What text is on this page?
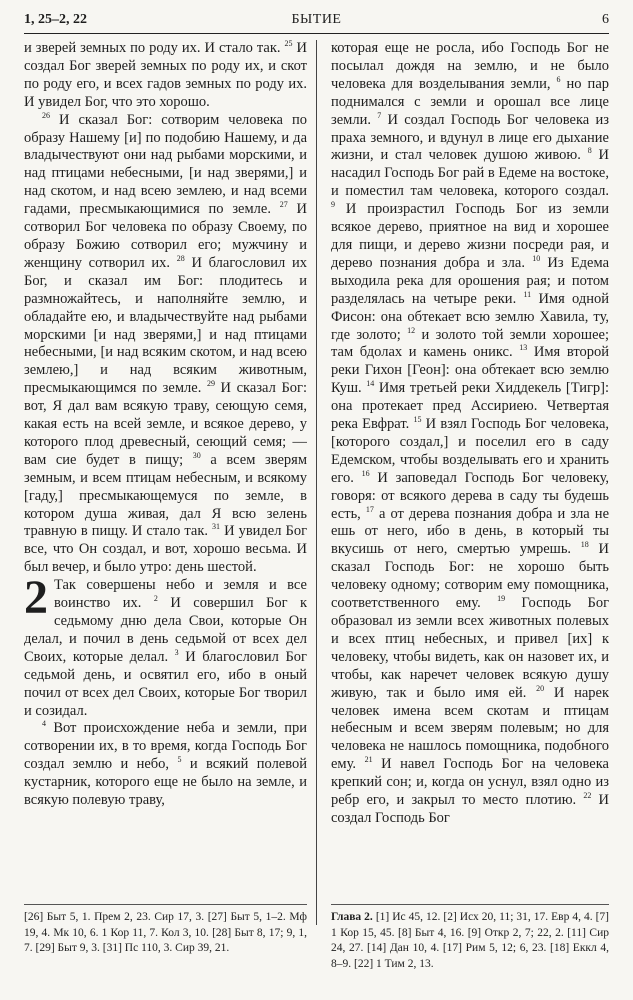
1, 25–2, 22	БЫТИЕ	6

и зверей земных по роду их. И стало так. $^{25}$ И создал Бог зверей земных по роду их, и скот по роду его, и всех гадов земных по роду их. И увидел Бог, что это хорошо.

$^{26}$ И сказал Бог: сотворим человека по образу Нашему [и] по подобию Нашему, и да владычествуют они над рыбами морскими, и над птицами небесными, [и над зверями,] и над скотом, и над всею землею, и над всеми гадами, пресмыкающимися по земле. $^{27}$ И сотворил Бог человека по образу Своему, по образу Божию сотворил его; мужчину и женщину сотворил их. $^{28}$ И благословил их Бог, и сказал им Бог: плодитесь и размножайтесь, и наполняйте землю, и обладайте ею, и владычествуйте над рыбами морскими [и над зверями,] и над птицами небесными, [и над всяким скотом, и над всею землею,] и над всяким животным, пресмыкающимся по земле. $^{29}$ И сказал Бог: вот, Я дал вам всякую траву, сеющую семя, какая есть на всей земле, и всякое дерево, у которого плод древесный, сеющий семя; — вам сие будет в пищу; $^{30}$ а всем зверям земным, и всем птицам небесным, и всякому [гаду,] пресмыкающемуся по земле, в котором душа живая, дал Я всю зелень травную в пищу. И стало так. $^{31}$ И увидел Бог все, что Он создал, и вот, хорошо весьма. И был вечер, и было утро: день шестой.

2 Так совершены небо и земля и все воинство их. $^2$ И совершил Бог к седьмому дню дела Свои, которые Он делал, и почил в день седьмой от всех дел Своих, которые делал. $^3$ И благословил Бог седьмой день, и освятил его, ибо в оный почил от всех дел Своих, которые Бог творил и созидал.

$^4$ Вот происхождение неба и земли, при сотворении их, в то время, когда Господь Бог создал землю и небо, $^5$ и всякий полевой кустарник, которого еще не было на земле, и всякую полевую траву,

которая еще не росла, ибо Господь Бог не посылал дождя на землю, и не было человека для возделывания земли, $^6$ но пар поднимался с земли и орошал все лице земли. $^7$ И создал Господь Бог человека из праха земного, и вдунул в лице его дыхание жизни, и стал человек душою живою. $^8$ И насадил Господь Бог рай в Едеме на востоке, и поместил там человека, которого создал. $^9$ И произрастил Господь Бог из земли всякое дерево, приятное на вид и хорошее для пищи, и дерево жизни посреди рая, и дерево познания добра и зла. $^{10}$ Из Едема выходила река для орошения рая; и потом разделялась на четыре реки. $^{11}$ Имя одной Фисон: она обтекает всю землю Хавила, ту, где золото; $^{12}$ и золото той земли хорошее; там бдолах и камень оникс. $^{13}$ Имя второй реки Гихон [Геон]: она обтекает всю землю Куш. $^{14}$ Имя третьей реки Хиддекель [Тигр]: она протекает пред Ассириею. Четвертая река Евфрат. $^{15}$ И взял Господь Бог человека, [которого создал,] и поселил его в саду Едемском, чтобы возделывать его и хранить его. $^{16}$ И заповедал Господь Бог человеку, говоря: от всякого дерева в саду ты будешь есть, $^{17}$ а от дерева познания добра и зла не ешь от него, ибо в день, в который ты вкусишь от него, смертью умрешь. $^{18}$ И сказал Господь Бог: не хорошо быть человеку одному; сотворим ему помощника, соответственного ему. $^{19}$ Господь Бог образовал из земли всех животных полевых и всех птиц небесных, и привел [их] к человеку, чтобы видеть, как он назовет их, и чтобы, как наречет человек всякую душу живую, так и было имя ей. $^{20}$ И нарек человек имена всем скотам и птицам небесным и всем зверям полевым; но для человека не нашлось помощника, подобного ему. $^{21}$ И навел Господь Бог на человека крепкий сон; и, когда он уснул, взял одно из ребр его, и закрыл то место плотию. $^{22}$ И создал Господь Бог

[26] Быт 5, 1. Прем 2, 23. Сир 17, 3. [27] Быт 5, 1–2. Мф 19, 4. Мк 10, 6. 1 Кор 11, 7. Кол 3, 10. [28] Быт 8, 17; 9, 1, 7. [29] Быт 9, 3. [31] Пс 110, 3. Сир 39, 21.
Глава 2. [1] Ис 45, 12. [2] Исх 20, 11; 31, 17. Евр 4, 4. [7] 1 Кор 15, 45. [8] Быт 4, 16. [9] Откр 2, 7; 22, 2. [11] Сир 24, 27. [14] Дан 10, 4. [17] Рим 5, 12; 6, 23. [18] Еккл 4, 8–9. [22] 1 Тим 2, 13.
